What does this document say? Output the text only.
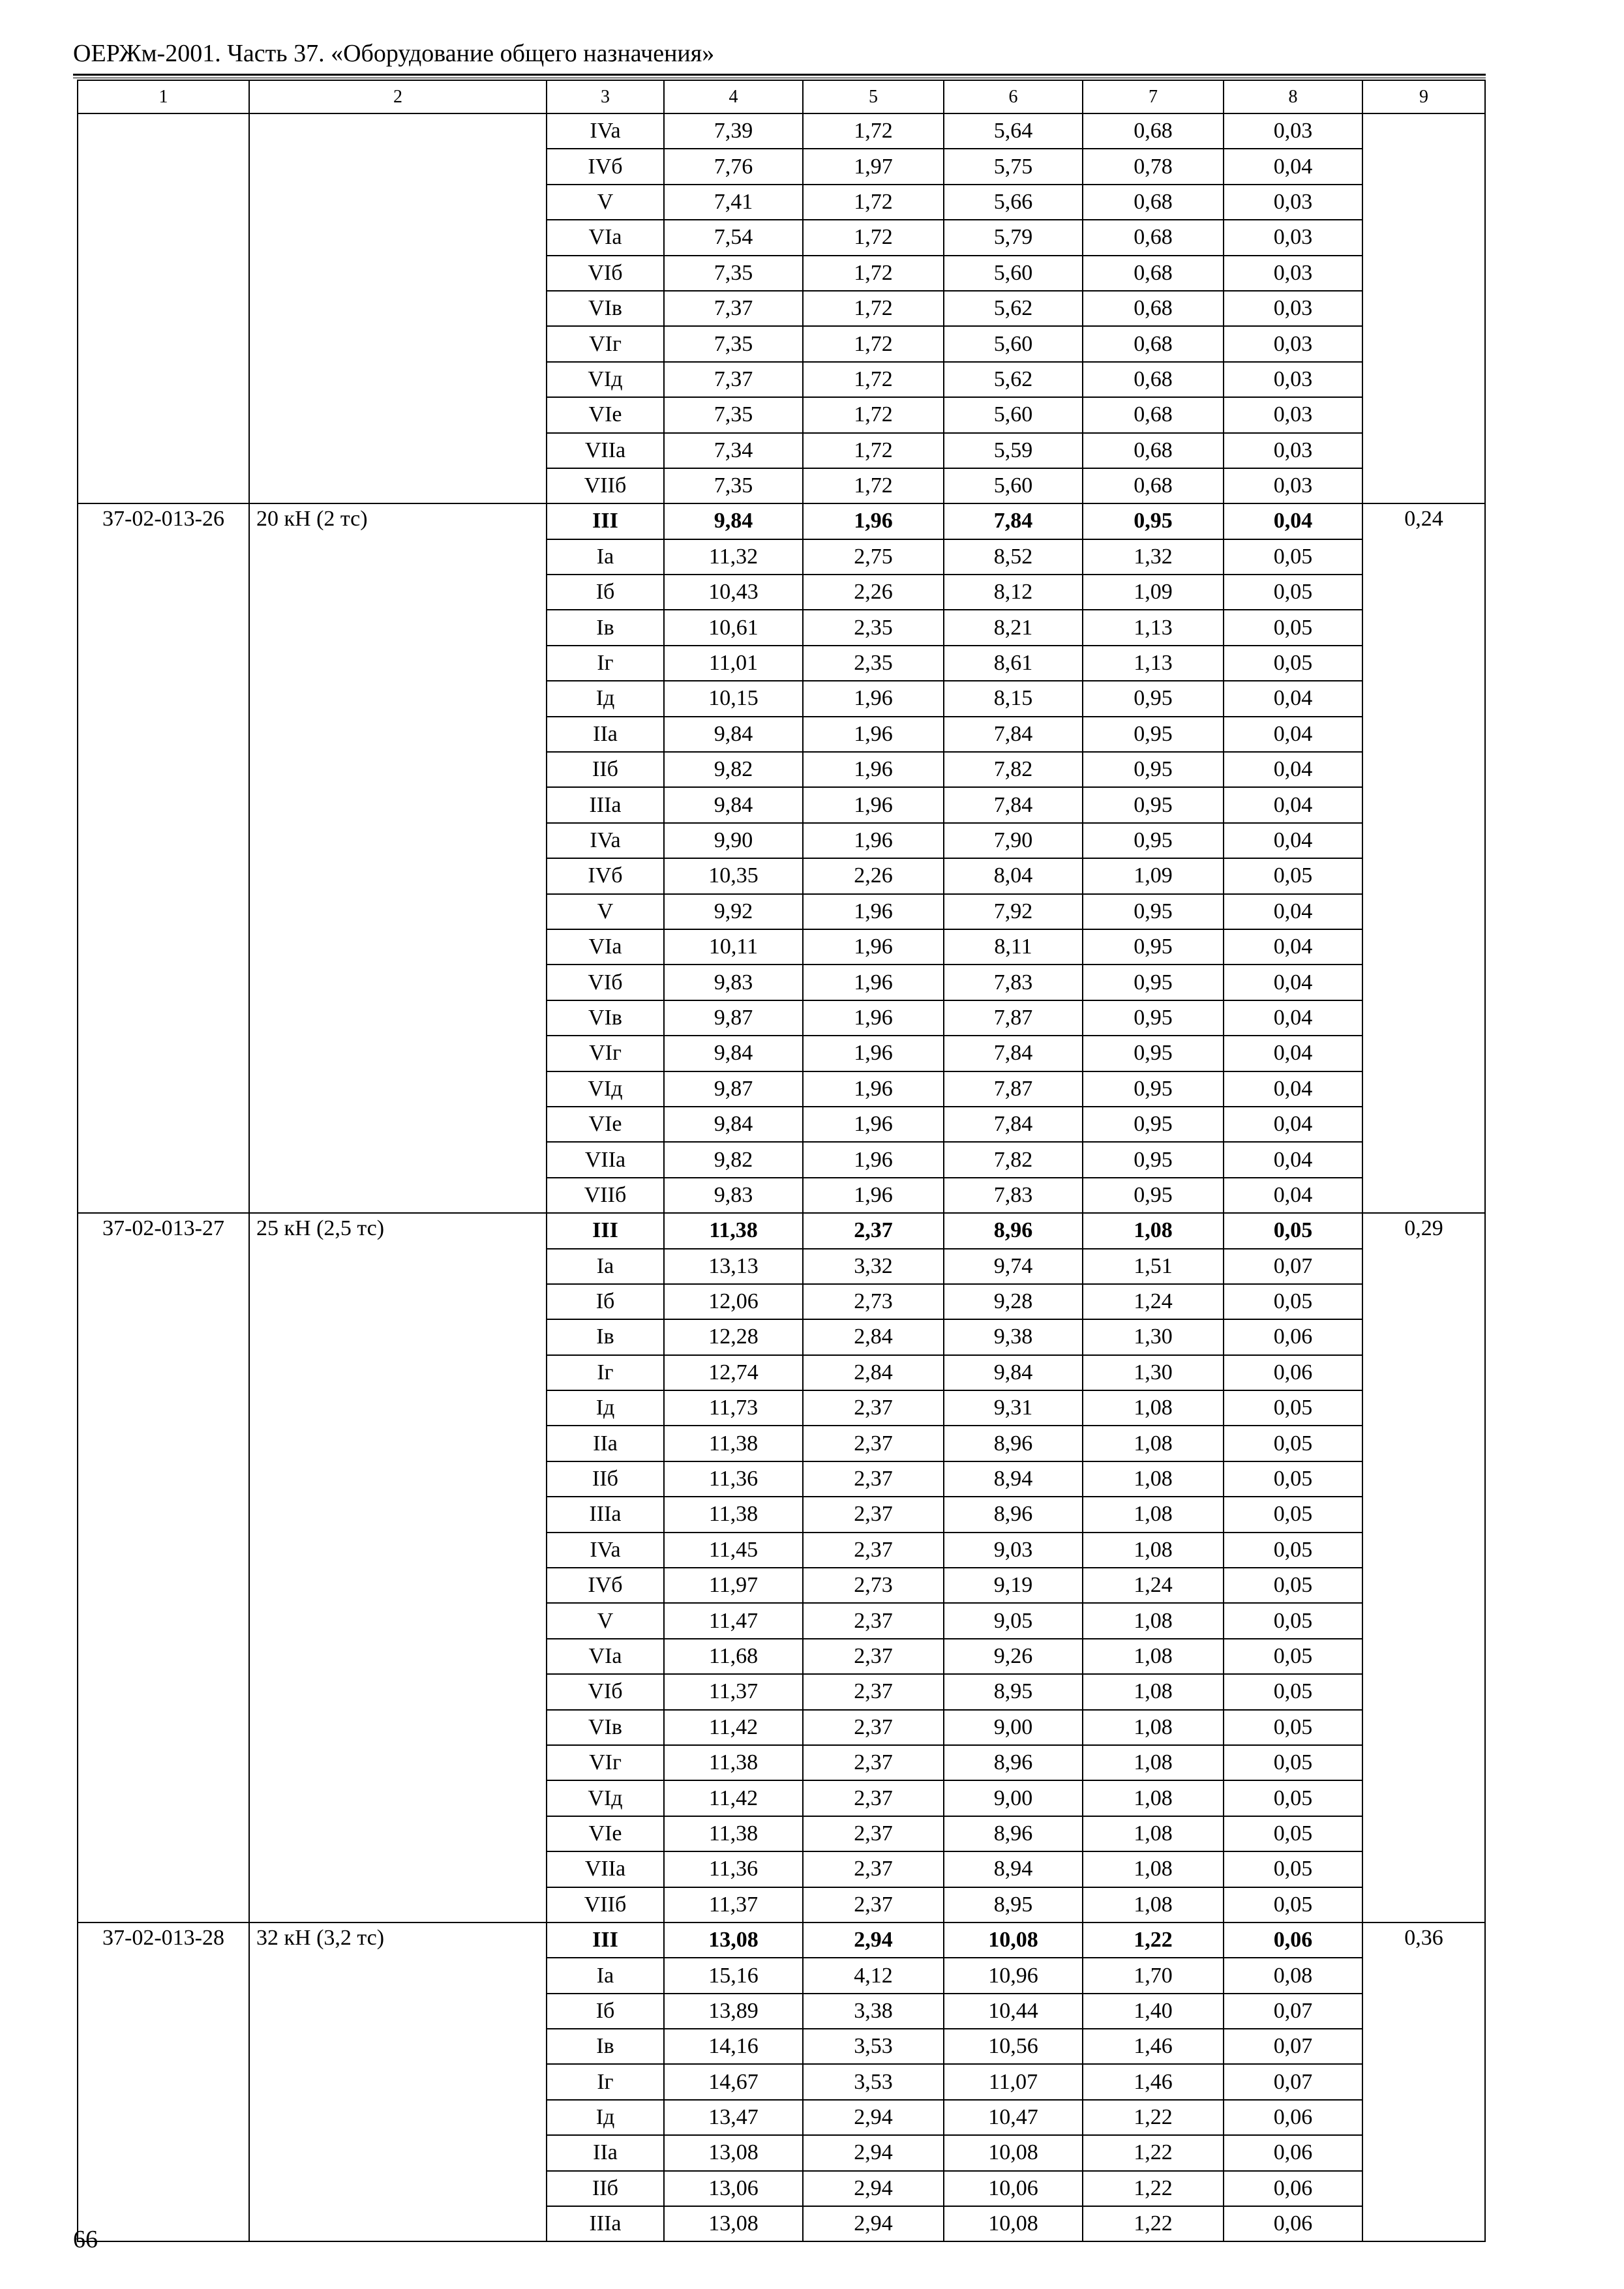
ОЕРЖм-2001. Часть 37. «Оборудование общего назначения»
1	2	3	4	5	6	7	8	9
		IVa	7,39	1,72	5,64	0,68	0,03	
		IVб	7,76	1,97	5,75	0,78	0,04	
		V	7,41	1,72	5,66	0,68	0,03	
		VIa	7,54	1,72	5,79	0,68	0,03	
		VIб	7,35	1,72	5,60	0,68	0,03	
		VIв	7,37	1,72	5,62	0,68	0,03	
		VIг	7,35	1,72	5,60	0,68	0,03	
		VIд	7,37	1,72	5,62	0,68	0,03	
		VIe	7,35	1,72	5,60	0,68	0,03	
		VIIa	7,34	1,72	5,59	0,68	0,03	
		VIIб	7,35	1,72	5,60	0,68	0,03	
37-02-013-26	20 кН (2 тс)	III	9,84	1,96	7,84	0,95	0,04	0,24
		Ia	11,32	2,75	8,52	1,32	0,05	
		Iб	10,43	2,26	8,12	1,09	0,05	
		Iв	10,61	2,35	8,21	1,13	0,05	
		Iг	11,01	2,35	8,61	1,13	0,05	
		Iд	10,15	1,96	8,15	0,95	0,04	
		IIa	9,84	1,96	7,84	0,95	0,04	
		IIб	9,82	1,96	7,82	0,95	0,04	
		IIIa	9,84	1,96	7,84	0,95	0,04	
		IVa	9,90	1,96	7,90	0,95	0,04	
		IVб	10,35	2,26	8,04	1,09	0,05	
		V	9,92	1,96	7,92	0,95	0,04	
		VIa	10,11	1,96	8,11	0,95	0,04	
		VIб	9,83	1,96	7,83	0,95	0,04	
		VIв	9,87	1,96	7,87	0,95	0,04	
		VIг	9,84	1,96	7,84	0,95	0,04	
		VIд	9,87	1,96	7,87	0,95	0,04	
		VIe	9,84	1,96	7,84	0,95	0,04	
		VIIa	9,82	1,96	7,82	0,95	0,04	
		VIIб	9,83	1,96	7,83	0,95	0,04	
37-02-013-27	25 кН (2,5 тс)	III	11,38	2,37	8,96	1,08	0,05	0,29
		Ia	13,13	3,32	9,74	1,51	0,07	
		Iб	12,06	2,73	9,28	1,24	0,05	
		Iв	12,28	2,84	9,38	1,30	0,06	
		Iг	12,74	2,84	9,84	1,30	0,06	
		Iд	11,73	2,37	9,31	1,08	0,05	
		IIa	11,38	2,37	8,96	1,08	0,05	
		IIб	11,36	2,37	8,94	1,08	0,05	
		IIIa	11,38	2,37	8,96	1,08	0,05	
		IVa	11,45	2,37	9,03	1,08	0,05	
		IVб	11,97	2,73	9,19	1,24	0,05	
		V	11,47	2,37	9,05	1,08	0,05	
		VIa	11,68	2,37	9,26	1,08	0,05	
		VIб	11,37	2,37	8,95	1,08	0,05	
		VIв	11,42	2,37	9,00	1,08	0,05	
		VIг	11,38	2,37	8,96	1,08	0,05	
		VIд	11,42	2,37	9,00	1,08	0,05	
		VIe	11,38	2,37	8,96	1,08	0,05	
		VIIa	11,36	2,37	8,94	1,08	0,05	
		VIIб	11,37	2,37	8,95	1,08	0,05	
37-02-013-28	32 кН (3,2 тс)	III	13,08	2,94	10,08	1,22	0,06	0,36
		Ia	15,16	4,12	10,96	1,70	0,08	
		Iб	13,89	3,38	10,44	1,40	0,07	
		Iв	14,16	3,53	10,56	1,46	0,07	
		Iг	14,67	3,53	11,07	1,46	0,07	
		Iд	13,47	2,94	10,47	1,22	0,06	
		IIa	13,08	2,94	10,08	1,22	0,06	
		IIб	13,06	2,94	10,06	1,22	0,06	
		IIIa	13,08	2,94	10,08	1,22	0,06	
66
